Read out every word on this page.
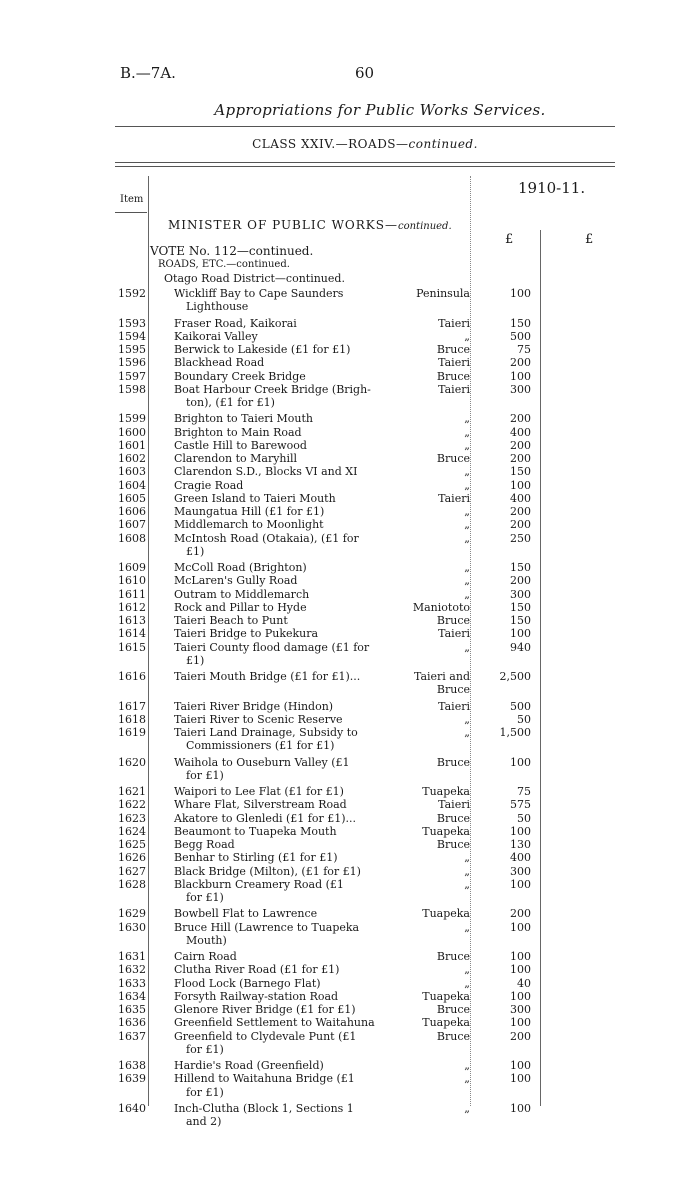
B.—7A.	60
Appropriations for Public Works Services.
CLASS XXIV.—ROADS—continued.
Item
1910-11.
MINISTER OF PUBLIC WORKS—continued.
£	£
VOTE No. 112—continued.
ROADS, ETC.—continued.
Otago Road District—continued.
1592	Wickliff Bay to Cape Saunders	Peninsula	100
Lighthouse
1593	Fraser Road, Kaikorai	Taieri	150
1594	Kaikorai Valley	„	500
1595	Berwick to Lakeside (£1 for £1)	Bruce	75
1596	Blackhead Road	Taieri	200
1597	Boundary Creek Bridge	Bruce	100
1598	Boat Harbour Creek Bridge (Brigh-	Taieri	300
ton), (£1 for £1)
1599	Brighton to Taieri Mouth	„	200
1600	Brighton to Main Road	„	400
1601	Castle Hill to Barewood	„	200
1602	Clarendon to Maryhill	Bruce	200
1603	Clarendon S.D., Blocks VI and XI	„	150
1604	Cragie Road	„	100
1605	Green Island to Taieri Mouth	Taieri	400
1606	Maungatua Hill (£1 for £1)	„	200
1607	Middlemarch to Moonlight	„	200
1608	McIntosh Road (Otakaia), (£1 for	„	250
£1)
1609	McColl Road (Brighton)	„	150
1610	McLaren's Gully Road	„	200
1611	Outram to Middlemarch	„	300
1612	Rock and Pillar to Hyde	Maniototo	150
1613	Taieri Beach to Punt	Bruce	150
1614	Taieri Bridge to Pukekura	Taieri	100
1615	Taieri County flood damage (£1 for	„	940
£1)
1616	Taieri Mouth Bridge (£1 for £1)...	Taieri and	2,500
Bruce
1617	Taieri River Bridge (Hindon)	Taieri	500
1618	Taieri River to Scenic Reserve	„	50
1619	Taieri Land Drainage, Subsidy to	„	1,500
Commissioners (£1 for £1)
1620	Waihola to Ouseburn Valley (£1	Bruce	100
for £1)
1621	Waipori to Lee Flat (£1 for £1)	Tuapeka	75
1622	Whare Flat, Silverstream Road	Taieri	575
1623	Akatore to Glenledi (£1 for £1)...	Bruce	50
1624	Beaumont to Tuapeka Mouth	Tuapeka	100
1625	Begg Road	Bruce	130
1626	Benhar to Stirling (£1 for £1)	„	400
1627	Black Bridge (Milton), (£1 for £1)	„	300
1628	Blackburn Creamery Road (£1	„	100
for £1)
1629	Bowbell Flat to Lawrence	Tuapeka	200
1630	Bruce Hill (Lawrence to Tuapeka	„	100
Mouth)
1631	Cairn Road	Bruce	100
1632	Clutha River Road (£1 for £1)	„	100
1633	Flood Lock (Barnego Flat)	„	40
1634	Forsyth Railway-station Road	Tuapeka	100
1635	Glenore River Bridge (£1 for £1)	Bruce	300
1636	Greenfield Settlement to Waitahuna	Tuapeka	100
1637	Greenfield to Clydevale Punt (£1	Bruce	200
for £1)
1638	Hardie's Road (Greenfield)	„	100
1639	Hillend to Waitahuna Bridge (£1	„	100
for £1)
1640	Inch-Clutha (Block 1, Sections 1	„	100
and 2)
